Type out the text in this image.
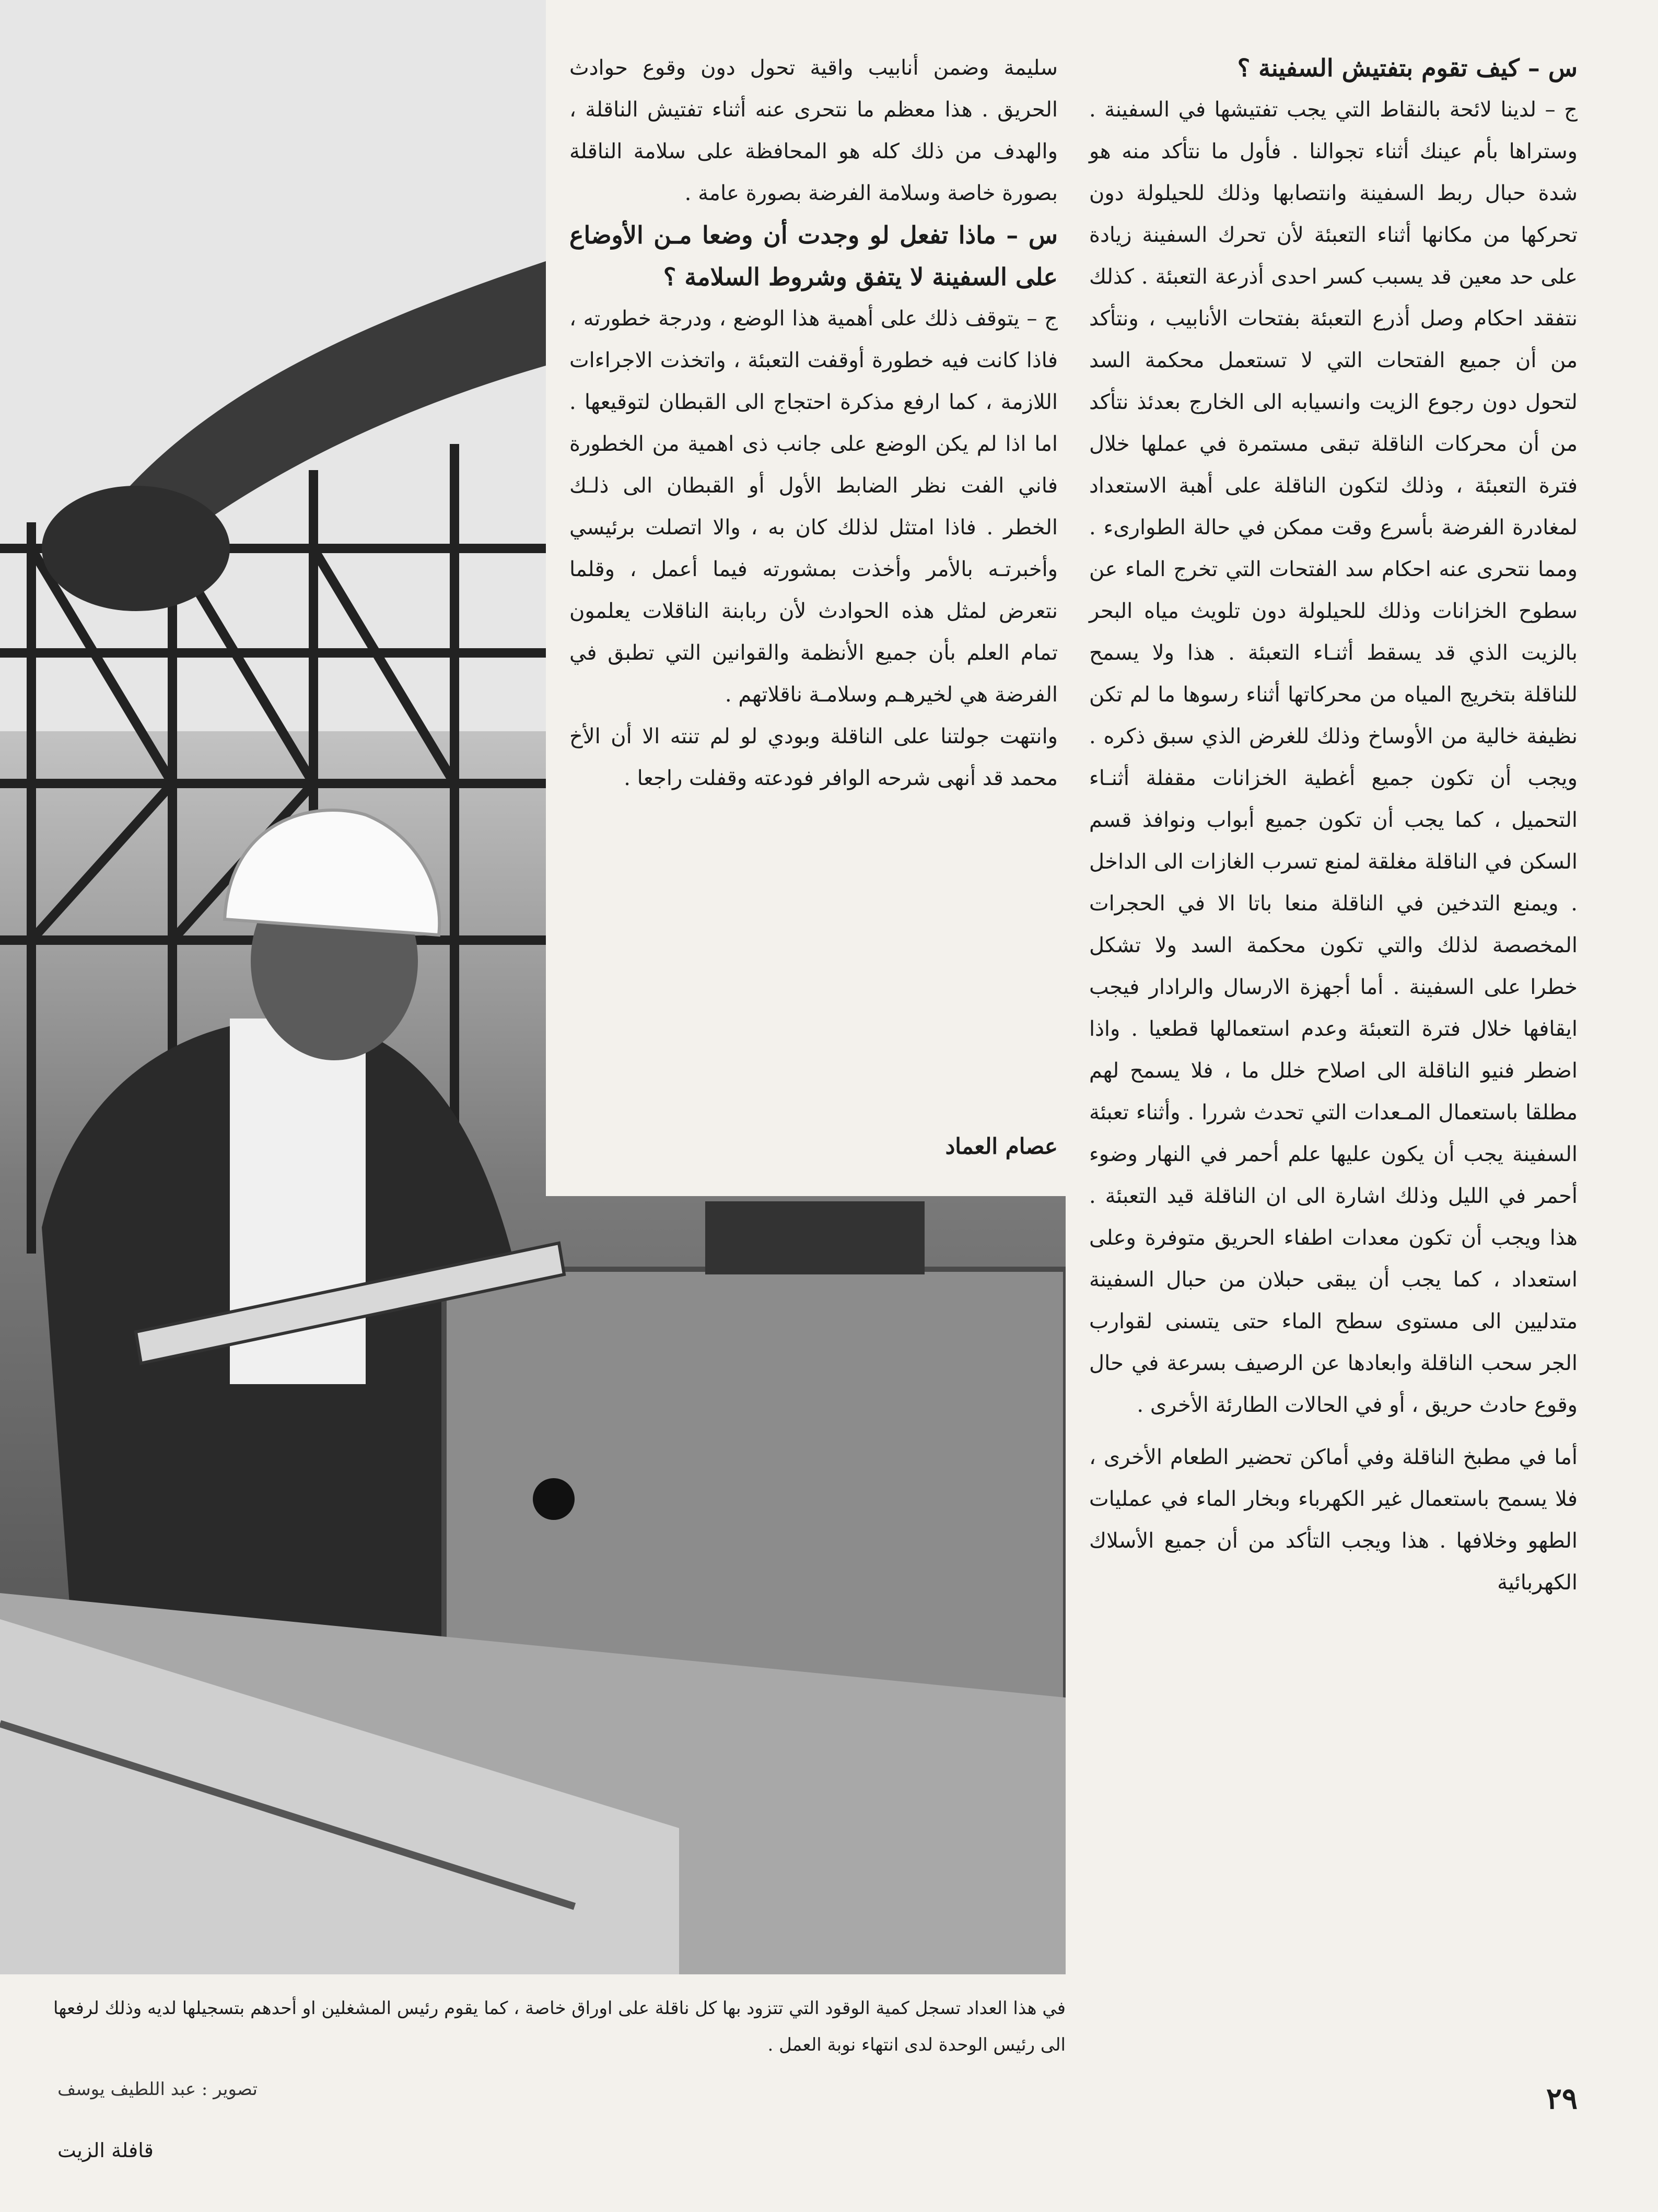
س – كيف تقوم بتفتيش السفينة ؟

ج – لدينا لائحة بالنقاط التي يجب تفتيشها في السفينة . وستراها بأم عينك أثناء تجوالنا . فأول ما نتأكد منه هو شدة حبال ربط السفينة وانتصابها وذلك للحيلولة دون تحركها من مكانها أثناء التعبئة لأن تحرك السفينة زيادة على حد معين قد يسبب كسر احدى أذرعة التعبئة . كذلك نتفقد احكام وصل أذرع التعبئة بفتحات الأنابيب ، ونتأكد من أن جميع الفتحات التي لا تستعمل محكمة السد لتحول دون رجوع الزيت وانسيابه الى الخارج بعدئذ نتأكد من أن محركات الناقلة تبقى مستمرة في عملها خلال فترة التعبئة ، وذلك لتكون الناقلة على أهبة الاستعداد لمغادرة الفرضة بأسرع وقت ممكن في حالة الطوارىء . ومما نتحرى عنه احكام سد الفتحات التي تخرج الماء عن سطوح الخزانات وذلك للحيلولة دون تلويث مياه البحر بالزيت الذي قد يسقط أثنـاء التعبئة . هذا ولا يسمح للناقلة بتخريج المياه من محركاتها أثناء رسوها ما لم تكن نظيفة خالية من الأوساخ وذلك للغرض الذي سبق ذكره . ويجب أن تكون جميع أغطية الخزانات مقفلة أثنـاء التحميل ، كما يجب أن تكون جميع أبواب ونوافذ قسم السكن في الناقلة مغلقة لمنع تسرب الغازات الى الداخل . ويمنع التدخين في الناقلة منعا باتا الا في الحجرات المخصصة لذلك والتي تكون محكمة السد ولا تشكل خطرا على السفينة . أما أجهزة الارسال والرادار فيجب ايقافها خلال فترة التعبئة وعدم استعمالها قطعيا . واذا اضطر فنيو الناقلة الى اصلاح خلل ما ، فلا يسمح لهم مطلقا باستعمال المـعدات التي تحدث شررا . وأثناء تعبئة السفينة يجب أن يكون عليها علم أحمر في النهار وضوء أحمر في الليل وذلك اشارة الى ان الناقلة قيد التعبئة . هذا ويجب أن تكون معدات اطفاء الحريق متوفرة وعلى استعداد ، كما يجب أن يبقى حبلان من حبال السفينة متدليين الى مستوى سطح الماء حتى يتسنى لقوارب الجر سحب الناقلة وابعادها عن الرصيف بسرعة في حال وقوع حادث حريق ، أو في الحالات الطارئة الأخرى .

أما في مطبخ الناقلة وفي أماكن تحضير الطعام الأخرى ، فلا يسمح باستعمال غير الكهرباء وبخار الماء في عمليات الطهو وخلافها . هذا ويجب التأكد من أن جميع الأسلاك الكهربائية

سليمة وضمن أنابيب واقية تحول دون وقوع حوادث الحريق . هذا معظم ما نتحرى عنه أثناء تفتيش الناقلة ، والهدف من ذلك كله هو المحافظة على سلامة الناقلة بصورة خاصة وسلامة الفرضة بصورة عامة .

س – ماذا تفعل لو وجدت أن وضعا مـن الأوضاع على السفينة لا يتفق وشروط السلامة ؟

ج – يتوقف ذلك على أهمية هذا الوضع ، ودرجة خطورته ، فاذا كانت فيه خطورة أوقفت التعبئة ، واتخذت الاجراءات اللازمة ، كما ارفع مذكرة احتجاج الى القبطان لتوقيعها . اما اذا لم يكن الوضع على جانب ذى اهمية من الخطورة فاني الفت نظر الضابط الأول أو القبطان الى ذلـك الخطر . فاذا امتثل لذلك كان به ، والا اتصلت برئيسي وأخبرتـه بالأمر وأخذت بمشورته فيما أعمل ، وقلما نتعرض لمثل هذه الحوادث لأن ربابنة الناقلات يعلمون تمام العلم بأن جميع الأنظمة والقوانين التي تطبق في الفرضة هي لخيرهـم وسلامـة ناقلاتهم .

وانتهت جولتنا على الناقلة وبودي لو لم تنته الا أن الأخ محمد قد أنهى شرحه الوافر فودعته وقفلت راجعا .

عصام العماد
في هذا العداد تسجل كمية الوقود التي تتزود بها كل ناقلة على اوراق خاصة ، كما يقوم رئيس المشغلين او أحدهم بتسجيلها لديه وذلك لرفعها الى رئيس الوحدة لدى انتهاء نوبة العمل .
تصوير : عبد اللطيف يوسف
قافلة الزيت
٢٩
